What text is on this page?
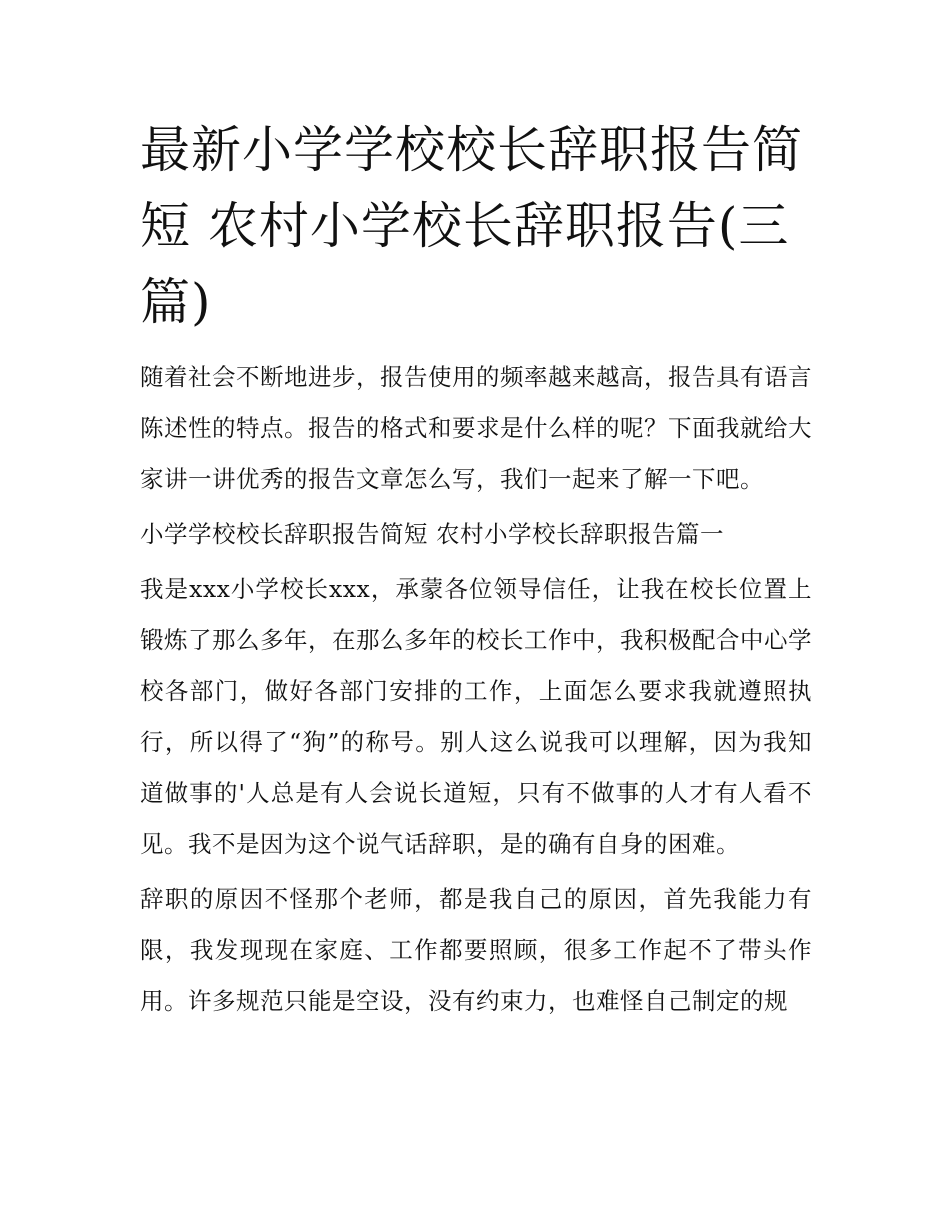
最新小学学校校长辞职报告简短 农村小学校长辞职报告(三篇)

随着社会不断地进步，报告使用的频率越来越高，报告具有语言陈述性的特点。报告的格式和要求是什么样的呢？下面我就给大家讲一讲优秀的报告文章怎么写，我们一起来了解一下吧。

小学学校校长辞职报告简短 农村小学校长辞职报告篇一

我是xxx小学校长xxx，承蒙各位领导信任，让我在校长位置上锻炼了那么多年，在那么多年的校长工作中，我积极配合中心学校各部门，做好各部门安排的工作，上面怎么要求我就遵照执行，所以得了“狗”的称号。别人这么说我可以理解，因为我知道做事的'人总是有人会说长道短，只有不做事的人才有人看不见。我不是因为这个说气话辞职，是的确有自身的困难。

辞职的原因不怪那个老师，都是我自己的原因，首先我能力有限，我发现现在家庭、工作都要照顾，很多工作起不了带头作用。许多规范只能是空设，没有约束力，也难怪自己制定的规
